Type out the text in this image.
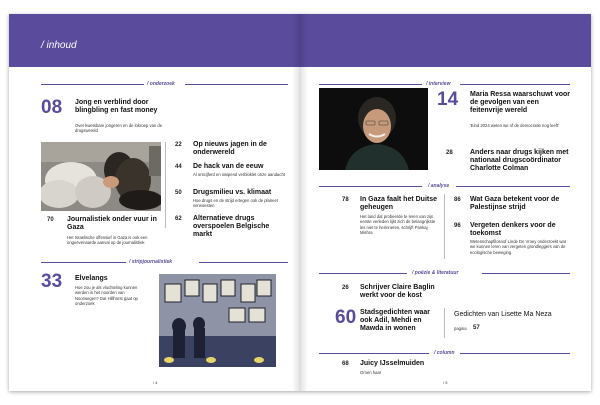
/ inhoud
/ onderzoek
08 Jong en verblind door blingbling en fast money
Over kwetsbare jongeren en de lokroep van de drugswereld
22 Op nieuws jagen in de onderwereld
44 De hack van de eeuw
Al ontcijferd en swipend verbloklet onze aandacht
50 Drugsmilieu vs. klimaat
Hoe drugs en de strijd ertegen ook de planeet verwoesten
62 Alternatieve drugs overspoelen Belgische markt
70 Journalistiek onder vuur in Gaza
Het Israëlische offensief in Gaza is ook een ongeëvenaarde aanval op de journalistiek
/ stripjournalistiek
33 Elvelangs
Hoe zou je als vluchteling kunnen werden in het noorden van Noorwegen? Dat Hillhorst gaat op onderzoek
/ 4
/ interview
14 Maria Ressa waarschuwt voor de gevolgen van een feitenvrije wereld
'Eind 2024 weten we of de democratie nog leeft'
28 Anders naar drugs kijken met nationaal drugscoördinator Charlotte Colman
/ analyse
78 In Gaza faalt het Duitse geheugen
Het land dat probeerde te leren van zijn eerste verleden lijkt zich de belangrijkste les niet te herinneren, schrijft Pankaj Mishra
86 Wat Gaza betekent voor de Palestijnse strijd
96 Vergeten denkers voor de toekomst
Wetenschapfilosoof Linde De Vroey onderzoekt wat we kunnen leren van vergeten grondleggers van de ecologische beweging
/ poëzie & literatuur
26 Schrijver Claire Baglin werkt voor de kost
60 Stadsgedichten waar ook Adil, Mehdi en Mawda in wonen
Gedichten van Lisette Ma Neza
pagina 57
/ column
68 Juicy IJsselmuiden
Groen haar
/ 5
